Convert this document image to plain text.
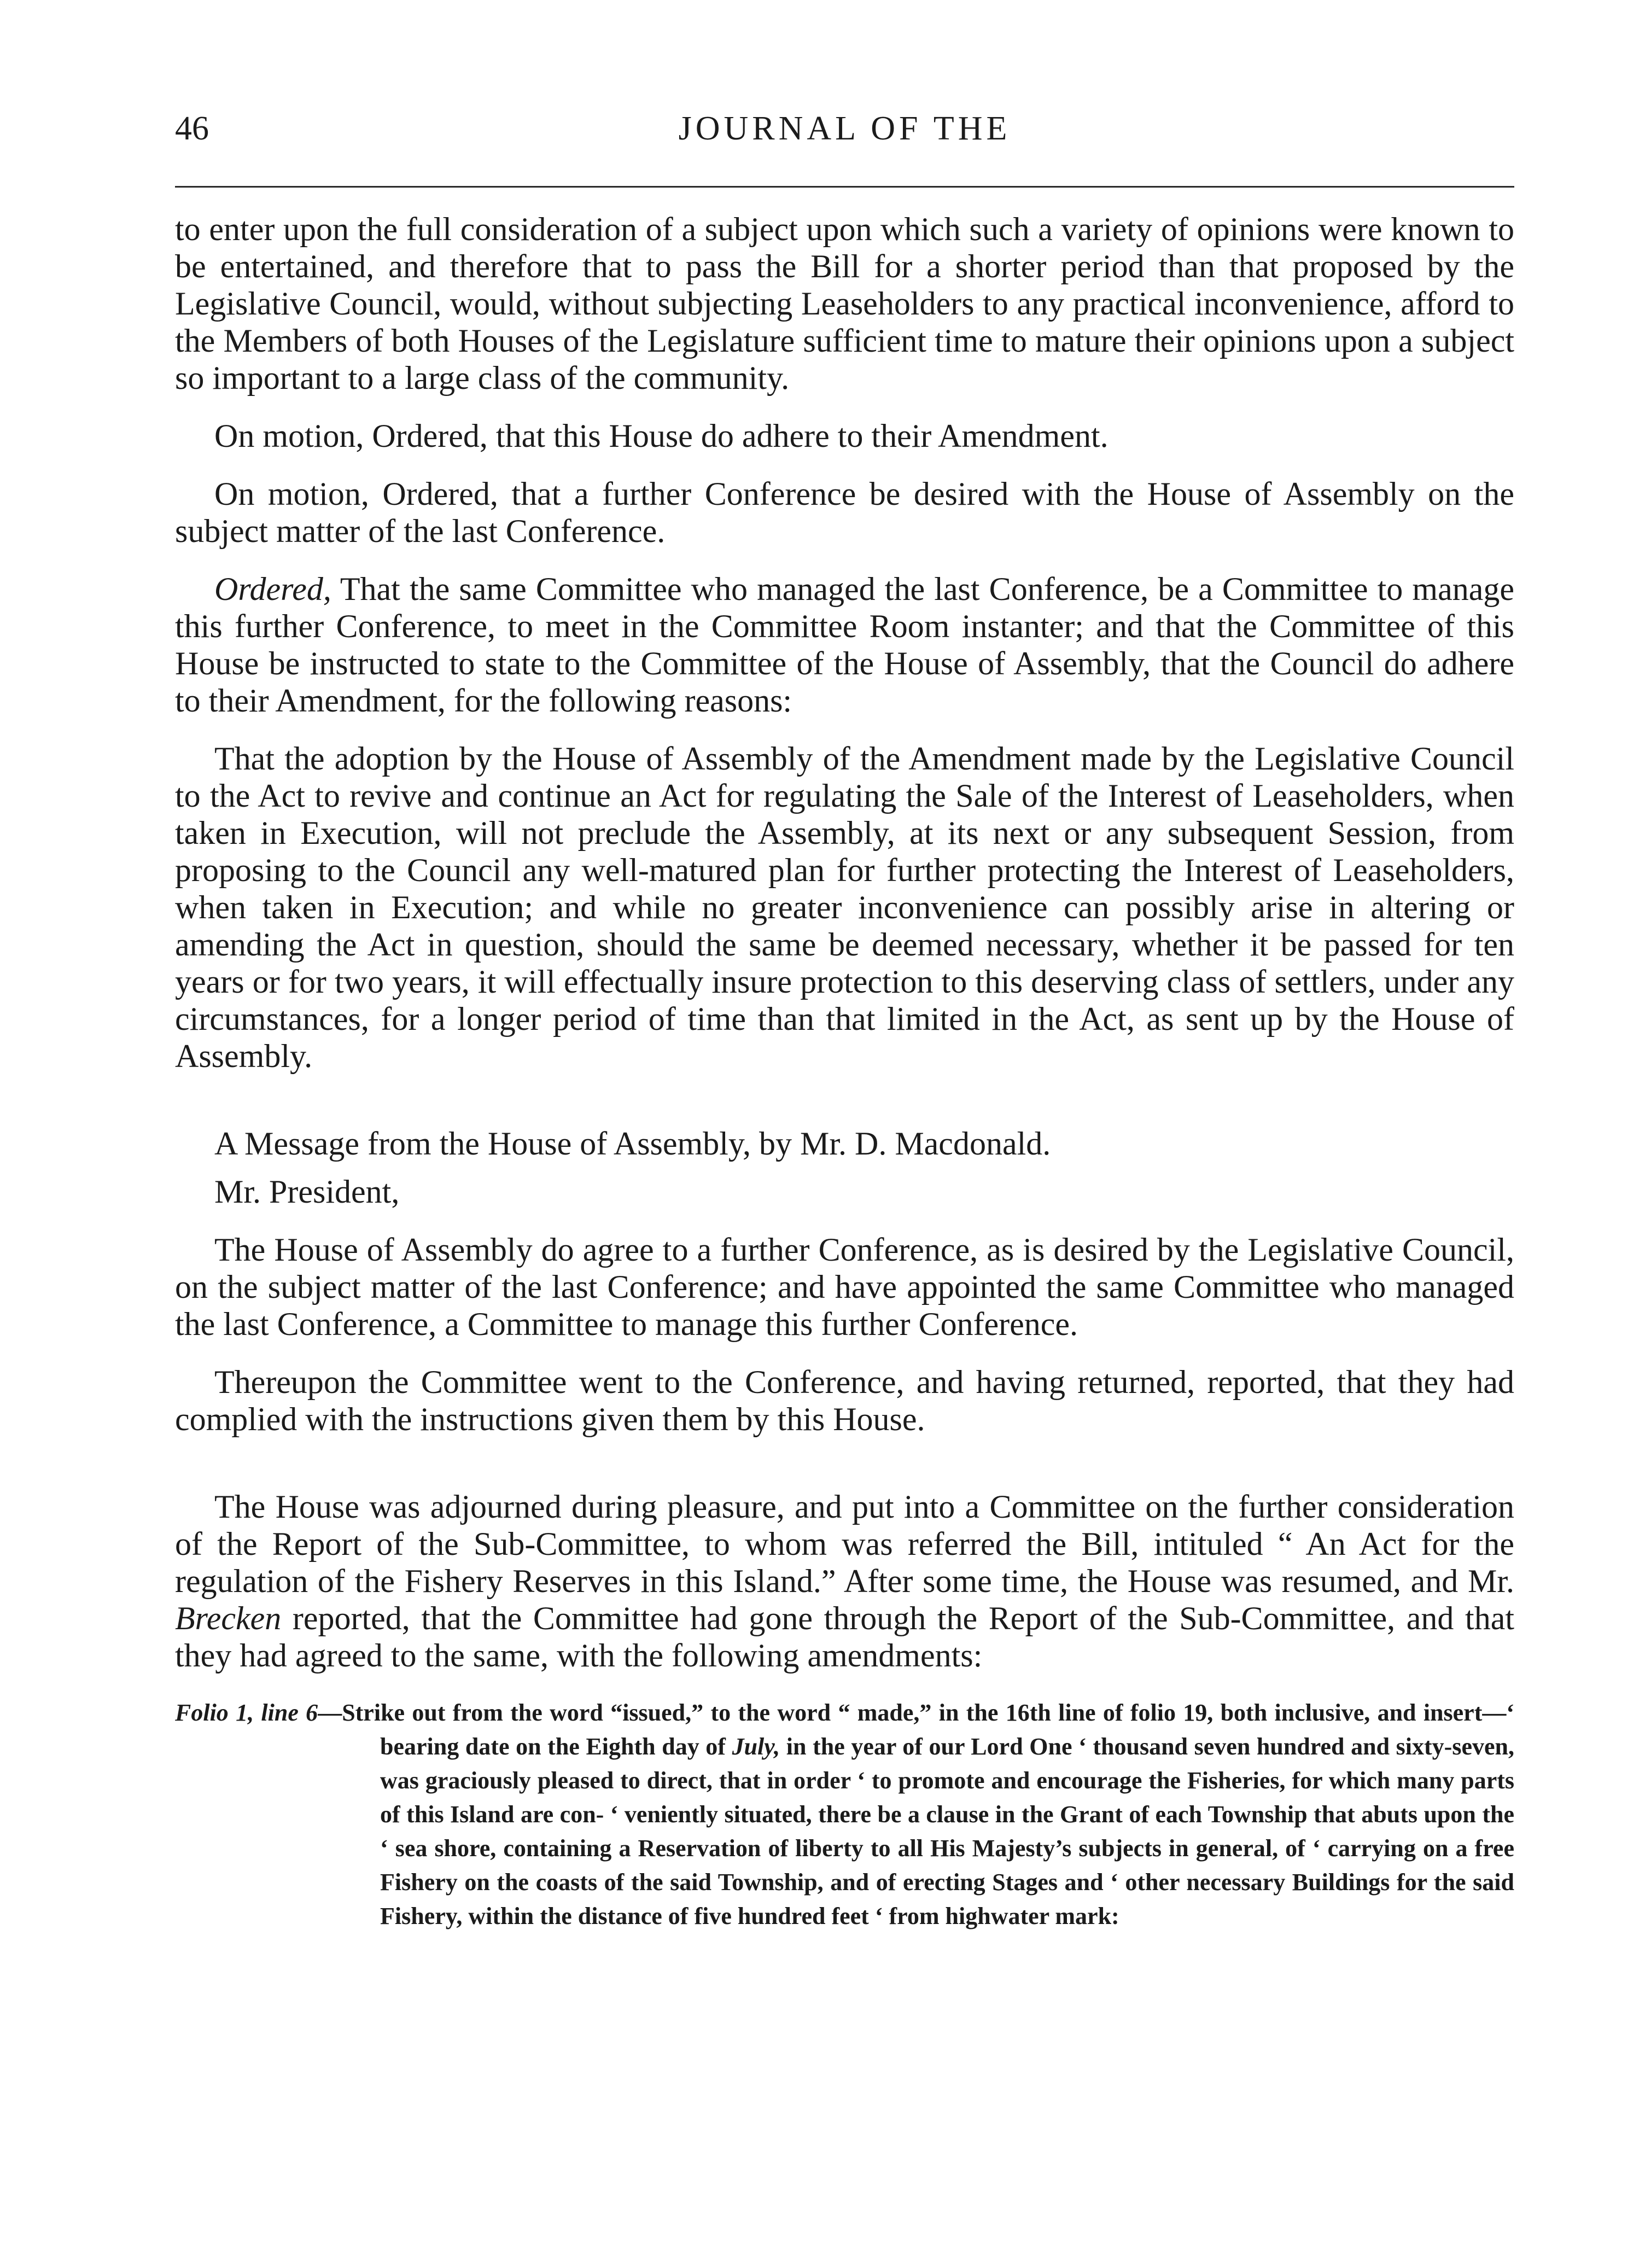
46	JOURNAL OF THE

to enter upon the full consideration of a subject upon which such a variety of opinions were known to be entertained, and therefore that to pass the Bill for a shorter period than that proposed by the Legislative Council, would, without subjecting Leaseholders to any practical inconvenience, afford to the Members of both Houses of the Legislature sufficient time to mature their opinions upon a subject so important to a large class of the community.

On motion, Ordered, that this House do adhere to their Amendment.

On motion, Ordered, that a further Conference be desired with the House of Assembly on the subject matter of the last Conference.

Ordered, That the same Committee who managed the last Conference, be a Committee to manage this further Conference, to meet in the Committee Room instanter; and that the Committee of this House be instructed to state to the Committee of the House of Assembly, that the Council do adhere to their Amendment, for the following reasons:

That the adoption by the House of Assembly of the Amendment made by the Legislative Council to the Act to revive and continue an Act for regulating the Sale of the Interest of Leaseholders, when taken in Execution, will not preclude the Assembly, at its next or any subsequent Session, from proposing to the Council any well-matured plan for further protecting the Interest of Leaseholders, when taken in Execution; and while no greater inconvenience can possibly arise in altering or amending the Act in question, should the same be deemed necessary, whether it be passed for ten years or for two years, it will effectually insure protection to this deserving class of settlers, under any circumstances, for a longer period of time than that limited in the Act, as sent up by the House of Assembly.

A Message from the House of Assembly, by Mr. D. Macdonald.

Mr. President,

The House of Assembly do agree to a further Conference, as is desired by the Legislative Council, on the subject matter of the last Conference; and have appointed the same Committee who managed the last Conference, a Committee to manage this further Conference.

Thereupon the Committee went to the Conference, and having returned, reported, that they had complied with the instructions given them by this House.

The House was adjourned during pleasure, and put into a Committee on the further consideration of the Report of the Sub-Committee, to whom was referred the Bill, intituled “ An Act for the regulation of the Fishery Reserves in this Island.” After some time, the House was resumed, and Mr. Brecken reported, that the Committee had gone through the Report of the Sub-Committee, and that they had agreed to the same, with the following amendments:

Folio 1, line 6—Strike out from the word “issued,” to the word “ made,” in the 16th line of folio 19, both inclusive, and insert—‘ bearing date on the Eighth day of July, in the year of our Lord One ‘ thousand seven hundred and sixty-seven, was graciously pleased to direct, that in order ‘ to promote and encourage the Fisheries, for which many parts of this Island are con- ‘ veniently situated, there be a clause in the Grant of each Township that abuts upon the ‘ sea shore, containing a Reservation of liberty to all His Majesty’s subjects in general, of ‘ carrying on a free Fishery on the coasts of the said Township, and of erecting Stages and ‘ other necessary Buildings for the said Fishery, within the distance of five hundred feet ‘ from highwater mark:
